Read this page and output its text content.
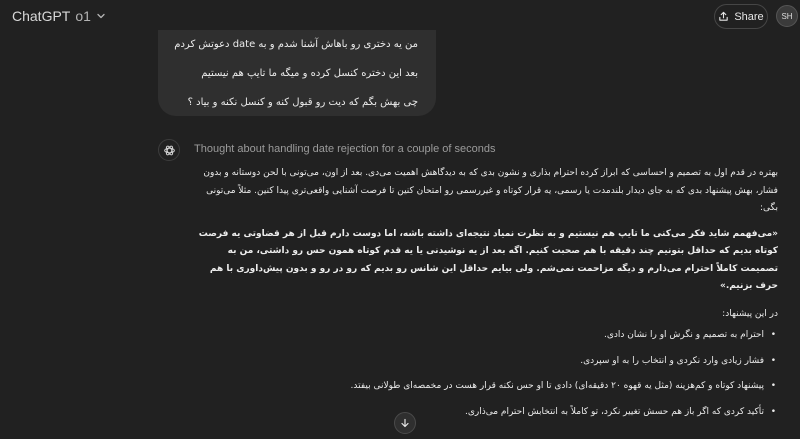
ChatGPT o1	Share	SH

من یه دختری رو باهاش آشنا شدم و به date دعوتش کردم

بعد این دختره کنسل کرده و میگه ما تایپ هم نیستیم

چی بهش بگم که دیت رو قبول کنه و کنسل نکنه و بیاد ؟

Thought about handling date rejection for a couple of seconds

بهتره در قدم اول به تصمیم و احساسی که ابراز کرده احترام بذاری و نشون بدی که به دیدگاهش اهمیت می‌دی. بعد از اون، می‌تونی با لحن دوستانه و بدون فشار، بهش پیشنهاد بدی که به جای دیدار بلندمدت یا رسمی، یه قرار کوتاه و غیررسمی رو امتحان کنین تا فرصت آشنایی واقعی‌تری پیدا کنین. مثلاً می‌تونی بگی:

«می‌فهمم شاید فکر می‌کنی ما تایپ هم نیستیم و به نظرت نمیاد نتیجه‌ای داشته باشه، اما دوست دارم قبل از هر قضاوتی یه فرصت کوتاه بدیم که حداقل بتونیم چند دقیقه با هم صحبت کنیم. اگه بعد از یه نوشیدنی یا یه قدم کوتاه همون حس رو داشتی، من به تصمیمت کاملاً احترام می‌ذارم و دیگه مزاحمت نمی‌شم. ولی بیایم حداقل این شانس رو بدیم که رو در رو و بدون پیش‌داوری با هم حرف بزنیم.»

در این پیشنهاد:

• احترام به تصمیم و نگرش او را نشان دادی.
• فشار زیادی وارد نکردی و انتخاب را به او سپردی.
• پیشنهاد کوتاه و کم‌هزینه (مثل یه قهوه ۲۰ دقیقه‌ای) دادی تا او حس نکنه قرار هست در مخمصه‌ای طولانی بیفتد.
• تأکید کردی که اگر باز هم حسش تغییر نکرد، تو کاملاً به انتخابش احترام می‌ذاری.
